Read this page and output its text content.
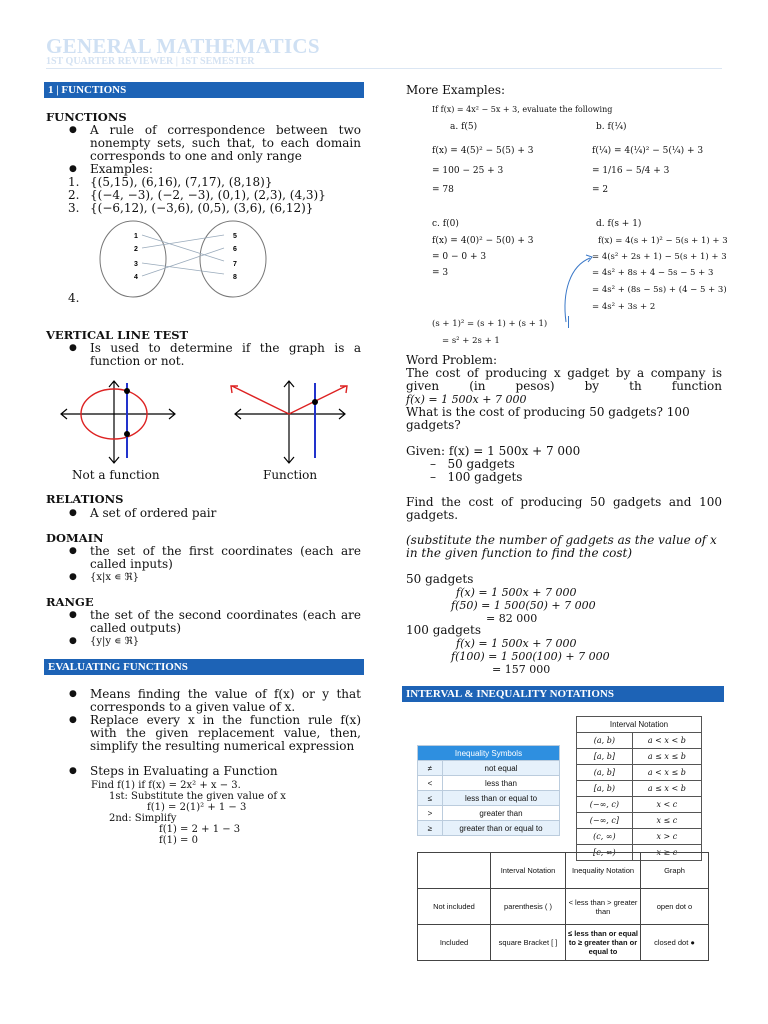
GENERAL MATHEMATICS
1ST QUARTER REVIEWER | 1ST SEMESTER
1 | FUNCTIONS
FUNCTIONS
● A rule of correspondence between two nonempty sets, such that, to each domain corresponds to one and only range
● Examples:
1. {(5,15), (6,16), (7,17), (8,18)}
2. {(−4, −3), (−2, −3), (0,1), (2,3), (4,3)}
3. {(−6,12), (−3,6), (0,5), (3,6), (6,12)}
1
2
3
4
5
6
7
8
4.
VERTICAL LINE TEST
● Is used to determine if the graph is a function or not.
Not a function	Function
RELATIONS
● A set of ordered pair
DOMAIN
● the set of the first coordinates (each are called inputs)
● {x|x ∊ ℜ}
RANGE
● the set of the second coordinates (each are called outputs)
● {y|y ∊ ℜ}
EVALUATING FUNCTIONS
● Means finding the value of f(x) or y that corresponds to a given value of x.
● Replace every x in the function rule f(x) with the given replacement value, then, simplify the resulting numerical expression
● Steps in Evaluating a Function
Find f(1) if f(x) = 2x² + x − 3.
1st: Substitute the given value of x
f(1) = 2(1)² + 1 − 3
2nd: Simplify
f(1) = 2 + 1 − 3
f(1) = 0
More Examples:
If f(x) = 4x² − 5x + 3, evaluate the following
a. f(5)
f(x) = 4(5)² − 5(5) + 3
= 100 − 25 + 3
= 78
b. f(¼)
f(¼) = 4(¼)² − 5(¼) + 3
= 1/16 − 5/4 + 3
= 2
c. f(0)
f(x) = 4(0)² − 5(0) + 3
= 0 − 0 + 3
= 3
d. f(s + 1)
f(x) = 4(s + 1)² − 5(s + 1) + 3
= 4(s² + 2s + 1) − 5(s + 1) + 3
= 4s² + 8s + 4 − 5s − 5 + 3
= 4s² + (8s − 5s) + (4 − 5 + 3)
= 4s² + 3s + 2
(s + 1)² = (s + 1) + (s + 1)
= s² + 2s + 1
Word Problem:
The cost of producing x gadget by a company is given (in pesos) by th function
f(x) = 1 500x + 7 000
What is the cost of producing 50 gadgets? 100 gadgets?
Given: f(x) = 1 500x + 7 000
–   50 gadgets
–   100 gadgets
Find the cost of producing 50 gadgets and 100 gadgets.
(substitute the number of gadgets as the value of x in the given function to find the cost)
50 gadgets
f(x) = 1 500x + 7 000
f(50) = 1 500(50) + 7 000
= 82 000
100 gadgets
f(x) = 1 500x + 7 000
f(100) = 1 500(100) + 7 000
= 157 000
INTERVAL & INEQUALITY NOTATIONS
Interval Notation	
(a, b)	a < x < b
[a, b]	a ≤ x ≤ b
(a, b]	a < x ≤ b
[a, b)	a ≤ x < b
(−∞, c)	x < c
(−∞, c]	x ≤ c
(c, ∞)	x > c
[c, ∞)	x ≥ c
Inequality Symbols	
≠	not equal
<	less than
≤	less than or equal to
>	greater than
≥	greater than or equal to
	Interval Notation	Inequality Notation	Graph
Not included	parenthesis ( )	< less than > greater than	open dot o
Included	square Bracket [ ]	≤ less than or equal to ≥ greater than or equal to	closed dot ●
